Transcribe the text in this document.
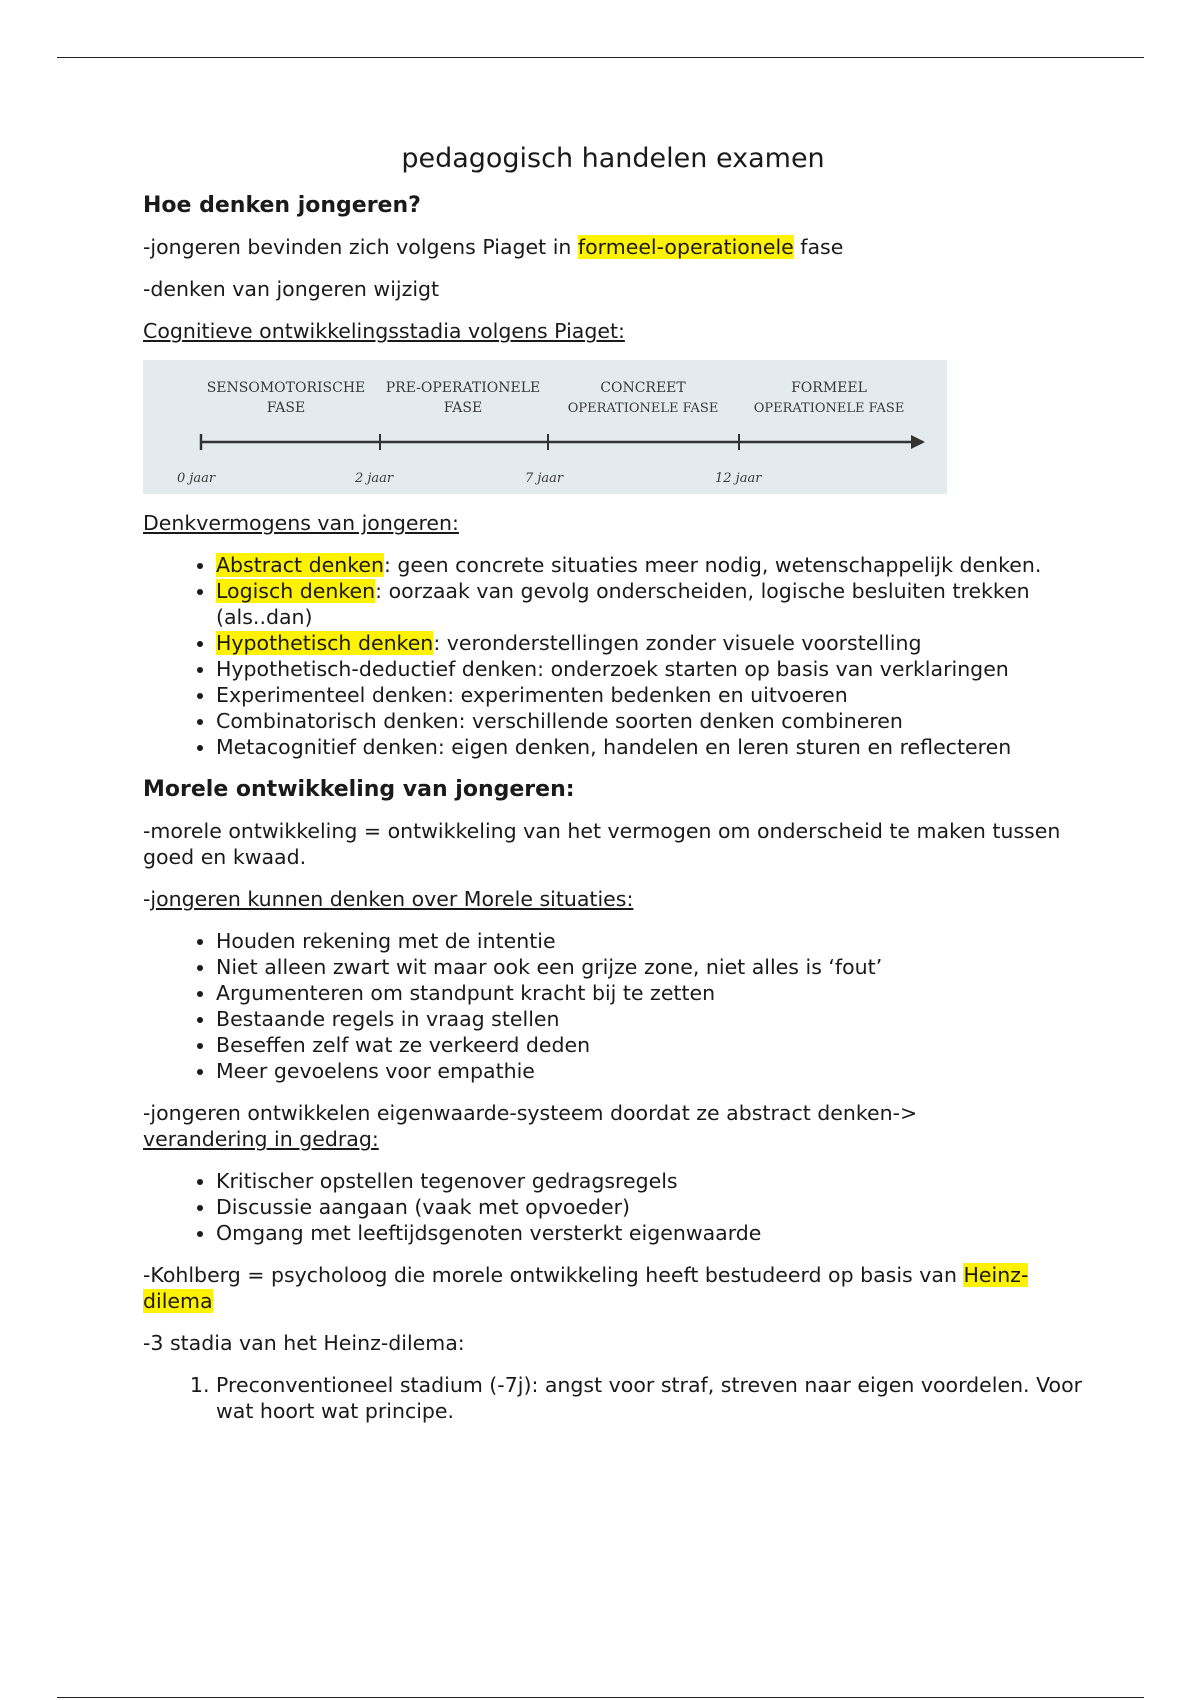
pedagogisch handelen examen
Hoe denken jongeren?

-jongeren bevinden zich volgens Piaget in formeel-operationele fase

-denken van jongeren wijzigt

Cognitieve ontwikkelingsstadia volgens Piaget:

SENSOMOTORISCHE
FASE
PRE-OPERATIONELE
FASE
CONCREET
OPERATIONELE FASE
FORMEEL
OPERATIONELE FASE
0 jaar	2 jaar	7 jaar	12 jaar

Denkvermogens van jongeren:

• Abstract denken: geen concrete situaties meer nodig, wetenschappelijk denken.
• Logisch denken: oorzaak van gevolg onderscheiden, logische besluiten trekken (als..dan)
• Hypothetisch denken: veronderstellingen zonder visuele voorstelling
• Hypothetisch-deductief denken: onderzoek starten op basis van verklaringen
• Experimenteel denken: experimenten bedenken en uitvoeren
• Combinatorisch denken: verschillende soorten denken combineren
• Metacognitief denken: eigen denken, handelen en leren sturen en reflecteren
Morele ontwikkeling van jongeren:

-morele ontwikkeling = ontwikkeling van het vermogen om onderscheid te maken tussen goed en kwaad.

-jongeren kunnen denken over Morele situaties:

• Houden rekening met de intentie
• Niet alleen zwart wit maar ook een grijze zone, niet alles is ‘fout’
• Argumenteren om standpunt kracht bij te zetten
• Bestaande regels in vraag stellen
• Beseffen zelf wat ze verkeerd deden
• Meer gevoelens voor empathie

-jongeren ontwikkelen eigenwaarde-systeem doordat ze abstract denken->
verandering in gedrag:

• Kritischer opstellen tegenover gedragsregels
• Discussie aangaan (vaak met opvoeder)
• Omgang met leeftijdsgenoten versterkt eigenwaarde

-Kohlberg = psycholoog die morele ontwikkeling heeft bestudeerd op basis van Heinz-dilema

-3 stadia van het Heinz-dilema:

1. Preconventioneel stadium (-7j): angst voor straf, streven naar eigen voordelen. Voor wat hoort wat principe.
